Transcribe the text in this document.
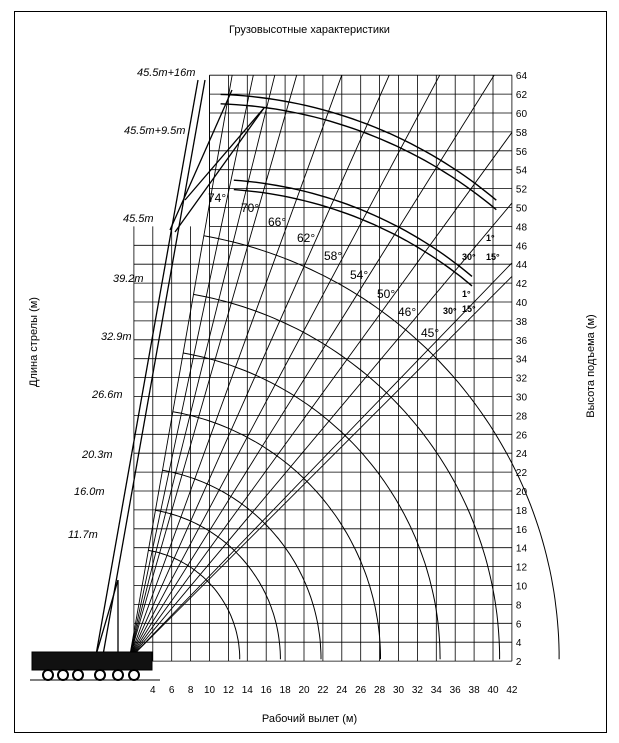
Грузовысотные характеристики
Рабочий вылет (м)
Длина стрелы (м)	Высота подъема (м)
4 6 8 10 12 14 16 18 20 22 24 26 28 30 32 34 36 38 40 42
2
4
6
8
10
12
14
16
18
20
22
24
26
28
30
32
34
36
38
40
42
44
46
48
50
52
54
56
58
60
62
64
45.5m+16m
45.5m+9.5m
45.5m
39.2m
32.9m
26.6m
20.3m
16.0m
11.7m
74°
70°
66°
62°
58°
54°
50°
46°
45°
1°
30° 15°
1°
30° 15°
